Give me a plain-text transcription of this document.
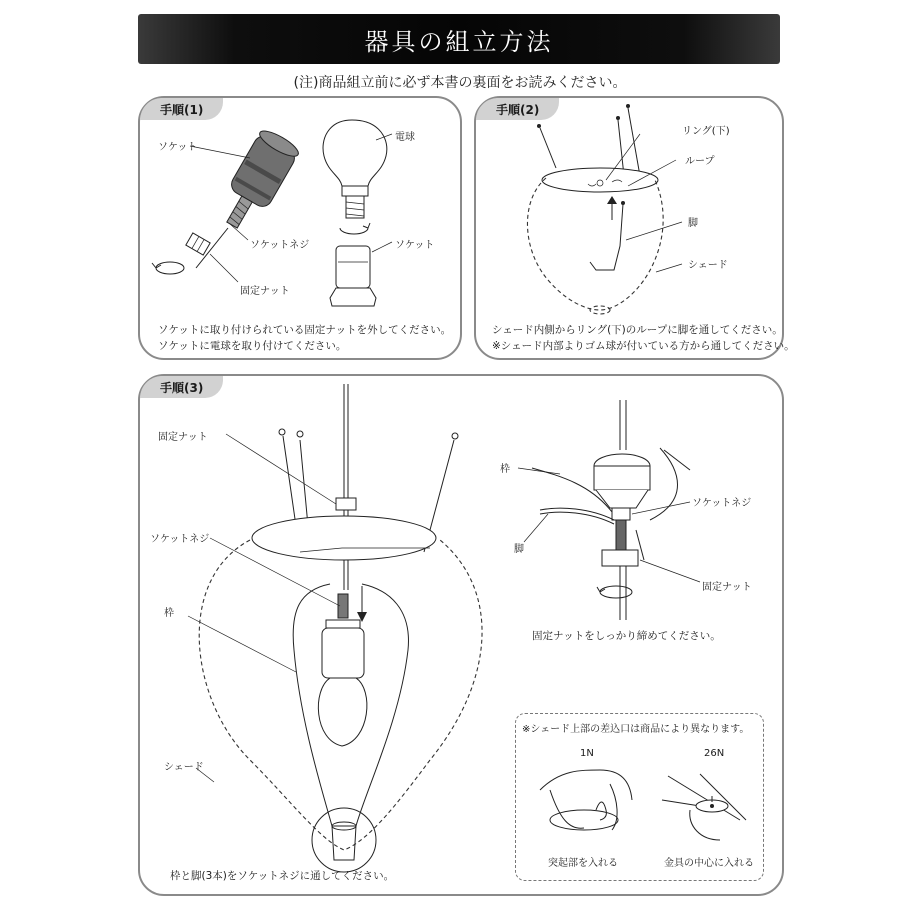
器具の組立方法
(注)商品組立前に必ず本書の裏面をお読みください。
手順(1)
ソケット
電球
ソケットネジ	ソケット
固定ナット
ソケットに取り付けられている固定ナットを外してください。
ソケットに電球を取り付けてください。
手順(2)
リング(下)
ループ
脚
シェード
シェード内側からリング(下)のループに脚を通してください。
※シェード内部よりゴム球が付いている方から通してください。
手順(3)
固定ナット
ソケットネジ
枠
シェード
枠
ソケットネジ
脚
固定ナット
固定ナットをしっかり締めてください。
枠と脚(3本)をソケットネジに通してください。
※シェード上部の差込口は商品により異なります。
1N	26N
突起部を入れる	金具の中心に入れる
